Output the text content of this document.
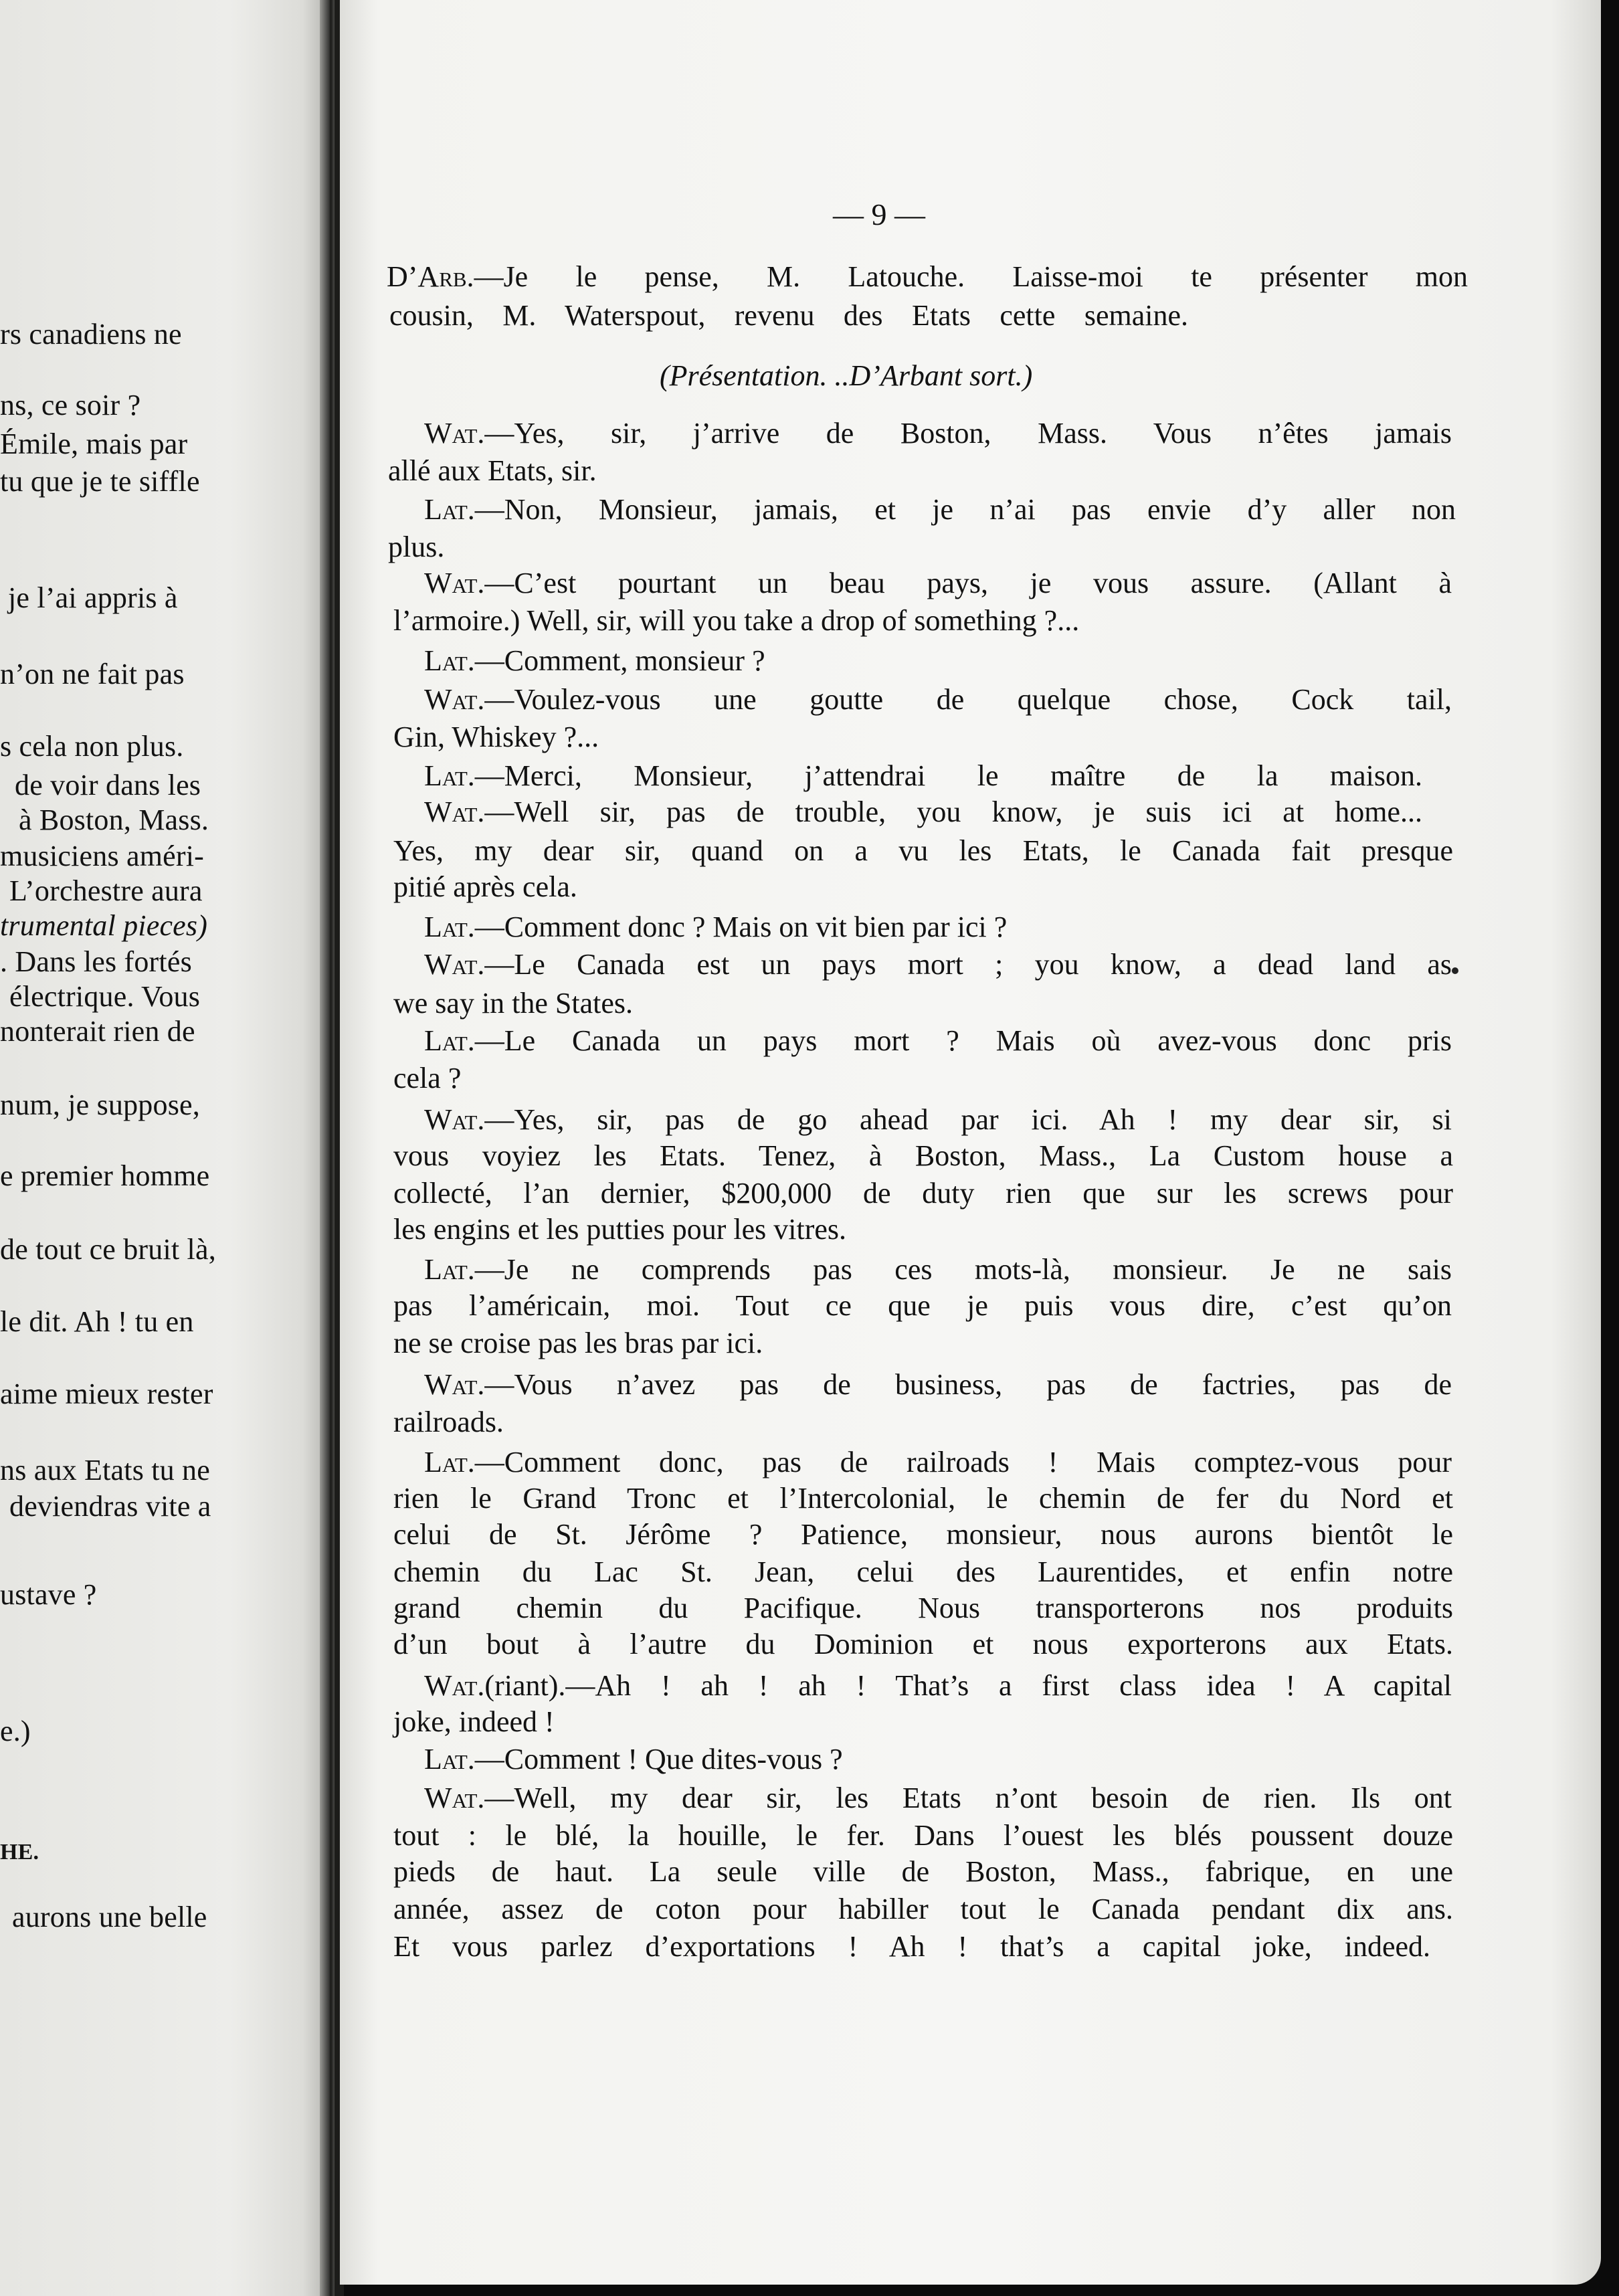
rs canadiens ne
ns, ce soir ?
Émile, mais par
tu que je te siffle
je l’ai appris à
n’on ne fait pas
s cela non plus.
de voir dans les
à Boston, Mass.
musiciens améri-
L’orchestre aura
trumental pieces)
. Dans les fortés
électrique. Vous
nonterait rien de
num, je suppose,
e premier homme
de tout ce bruit là,
le dit. Ah ! tu en
aime mieux rester
ns aux Etats tu ne
deviendras vite a
ustave ?
e.)
HE.
aurons une belle
— 9 —
D’Arb.—Je le pense, M. Latouche. Laisse-moi te présenter mon
cousin, M. Waterspout, revenu des Etats cette semaine.
(Présentation. ..D’Arbant sort.)
Wat.—Yes, sir, j’arrive de Boston, Mass. Vous n’êtes jamais
allé aux Etats, sir.
Lat.—Non, Monsieur, jamais, et je n’ai pas envie d’y aller non
plus.
Wat.—C’est pourtant un beau pays, je vous assure. (Allant à
l’armoire.) Well, sir, will you take a drop of something ?...
Lat.—Comment, monsieur ?
Wat.—Voulez-vous une goutte de quelque chose, Cock tail,
Gin, Whiskey ?...
Lat.—Merci, Monsieur, j’attendrai le maître de la maison.
Wat.—Well sir, pas de trouble, you know, je suis ici at home...
Yes, my dear sir, quand on a vu les Etats, le Canada fait presque
pitié après cela.
Lat.—Comment donc ? Mais on vit bien par ici ?
Wat.—Le Canada est un pays mort ; you know, a dead land as
we say in the States.
Lat.—Le Canada un pays mort ? Mais où avez-vous donc pris
cela ?
Wat.—Yes, sir, pas de go ahead par ici. Ah ! my dear sir, si
vous voyiez les Etats. Tenez, à Boston, Mass., La Custom house a
collecté, l’an dernier, $200,000 de duty rien que sur les screws pour
les engins et les putties pour les vitres.
Lat.—Je ne comprends pas ces mots-là, monsieur. Je ne sais
pas l’américain, moi. Tout ce que je puis vous dire, c’est qu’on
ne se croise pas les bras par ici.
Wat.—Vous n’avez pas de business, pas de factries, pas de
railroads.
Lat.—Comment donc, pas de railroads ! Mais comptez-vous pour
rien le Grand Tronc et l’Intercolonial, le chemin de fer du Nord et
celui de St. Jérôme ? Patience, monsieur, nous aurons bientôt le
chemin du Lac St. Jean, celui des Laurentides, et enfin notre
grand chemin du Pacifique. Nous transporterons nos produits
d’un bout à l’autre du Dominion et nous exporterons aux Etats.
Wat.(riant).—Ah ! ah ! ah ! That’s a first class idea ! A capital
joke, indeed !
Lat.—Comment ! Que dites-vous ?
Wat.—Well, my dear sir, les Etats n’ont besoin de rien. Ils ont
tout : le blé, la houille, le fer. Dans l’ouest les blés poussent douze
pieds de haut. La seule ville de Boston, Mass., fabrique, en une
année, assez de coton pour habiller tout le Canada pendant dix ans.
Et vous parlez d’exportations ! Ah ! that’s a capital joke, indeed.
